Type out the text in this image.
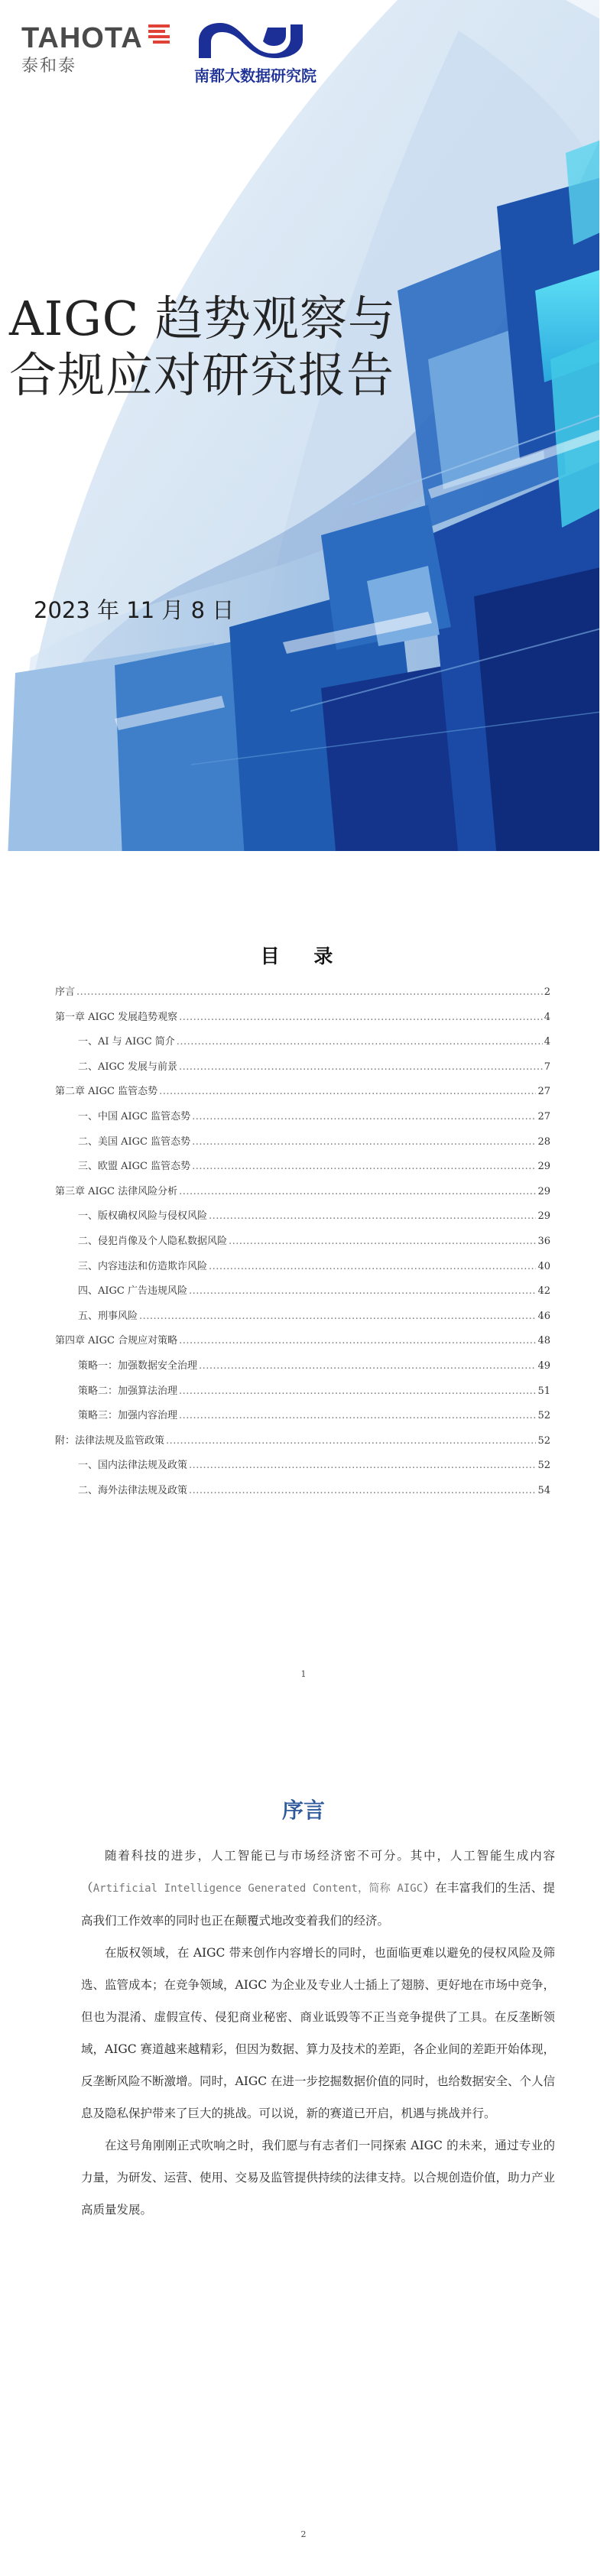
TAHOTA
泰和泰	南都大数据研究院
AIGC 趋势观察与
合规应对研究报告
2023 年 11 月 8 日
目 录
序言 .....	2
第一章 AIGC 发展趋势观察 .....	4
一、AI 与 AIGC 简介 .....	4
二、AIGC 发展与前景 .....	7
第二章 AIGC 监管态势 .....	27
一、中国 AIGC 监管态势 .....	27
二、美国 AIGC 监管态势 .....	28
三、欧盟 AIGC 监管态势 .....	29
第三章 AIGC 法律风险分析 .....	29
一、版权确权风险与侵权风险 .....	29
二、侵犯肖像及个人隐私数据风险 .....	36
三、内容违法和仿造欺诈风险 .....	40
四、AIGC 广告违规风险 .....	42
五、刑事风险 .....	46
第四章 AIGC 合规应对策略 .....	48
策略一：加强数据安全治理 .....	49
策略二：加强算法治理 .....	51
策略三：加强内容治理 .....	52
附：法律法规及监管政策 .....	52
一、国内法律法规及政策 .....	52
二、海外法律法规及政策 .....	54
1
序言

随着科技的进步，人工智能已与市场经济密不可分。其中，人工智能生成内容（Artificial Intelligence Generated Content，简称 AIGC）在丰富我们的生活、提高我们工作效率的同时也正在颠覆式地改变着我们的经济。

在版权领域，在 AIGC 带来创作内容增长的同时，也面临更难以避免的侵权风险及筛选、监管成本；在竞争领域，AIGC 为企业及专业人士插上了翅膀、更好地在市场中竞争，但也为混淆、虚假宣传、侵犯商业秘密、商业诋毁等不正当竞争提供了工具。在反垄断领域，AIGC 赛道越来越精彩，但因为数据、算力及技术的差距，各企业间的差距开始体现，反垄断风险不断激增。同时，AIGC 在进一步挖掘数据价值的同时，也给数据安全、个人信息及隐私保护带来了巨大的挑战。可以说，新的赛道已开启，机遇与挑战并行。

在这号角刚刚正式吹响之时，我们愿与有志者们一同探索 AIGC 的未来，通过专业的力量，为研发、运营、使用、交易及监管提供持续的法律支持。以合规创造价值，助力产业高质量发展。

2
